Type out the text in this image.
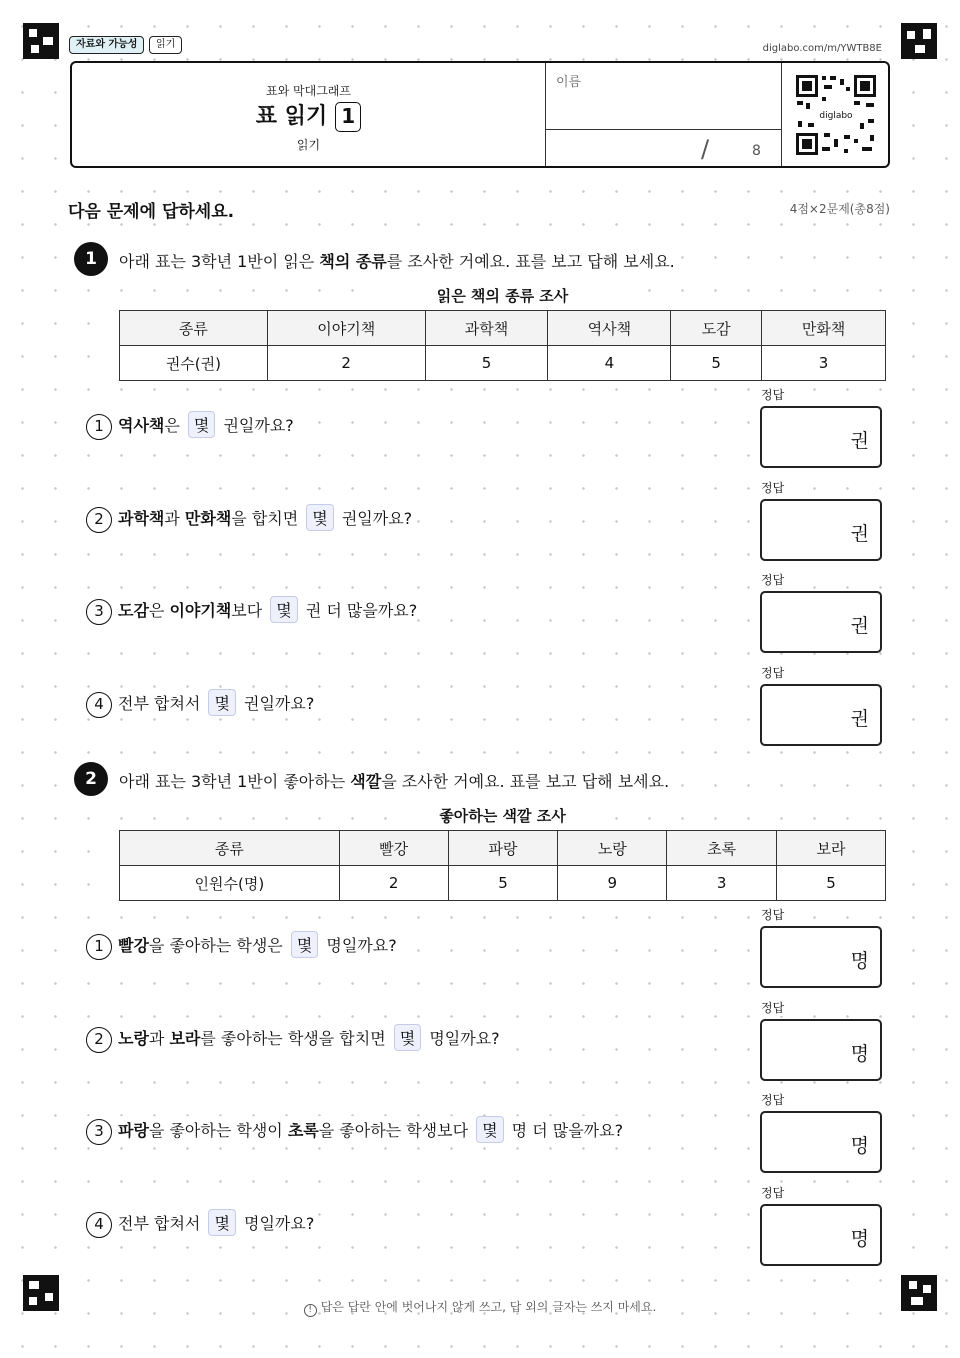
자료와 가능성	읽기	diglabo.com/m/YWTB8E
표와 막대그래프
표 읽기 1
읽기
이름
/	8
diglabo
다음 문제에 답하세요.	4점×2문제(총8점)
1	아래 표는 3학년 1반이 읽은 책의 종류를 조사한 거예요. 표를 보고 답해 보세요.
읽은 책의 종류 조사
종류	이야기책	과학책	역사책	도감	만화책
권수(권)	2	5	4	5	3
1 역사책은 몇 권일까요?
정답
권
2 과학책과 만화책을 합치면 몇 권일까요?
정답
권
3 도감은 이야기책보다 몇 권 더 많을까요?
정답
권
4 전부 합쳐서 몇 권일까요?
정답
권
2	아래 표는 3학년 1반이 좋아하는 색깔을 조사한 거예요. 표를 보고 답해 보세요.
좋아하는 색깔 조사
종류	빨강	파랑	노랑	초록	보라
인원수(명)	2	5	9	3	5
1 빨강을 좋아하는 학생은 몇 명일까요?
정답
명
2 노랑과 보라를 좋아하는 학생을 합치면 몇 명일까요?
정답
명
3 파랑을 좋아하는 학생이 초록을 좋아하는 학생보다 몇 명 더 많을까요?
정답
명
4 전부 합쳐서 몇 명일까요?
정답
명
! 답은 답란 안에 벗어나지 않게 쓰고, 답 외의 글자는 쓰지 마세요.
